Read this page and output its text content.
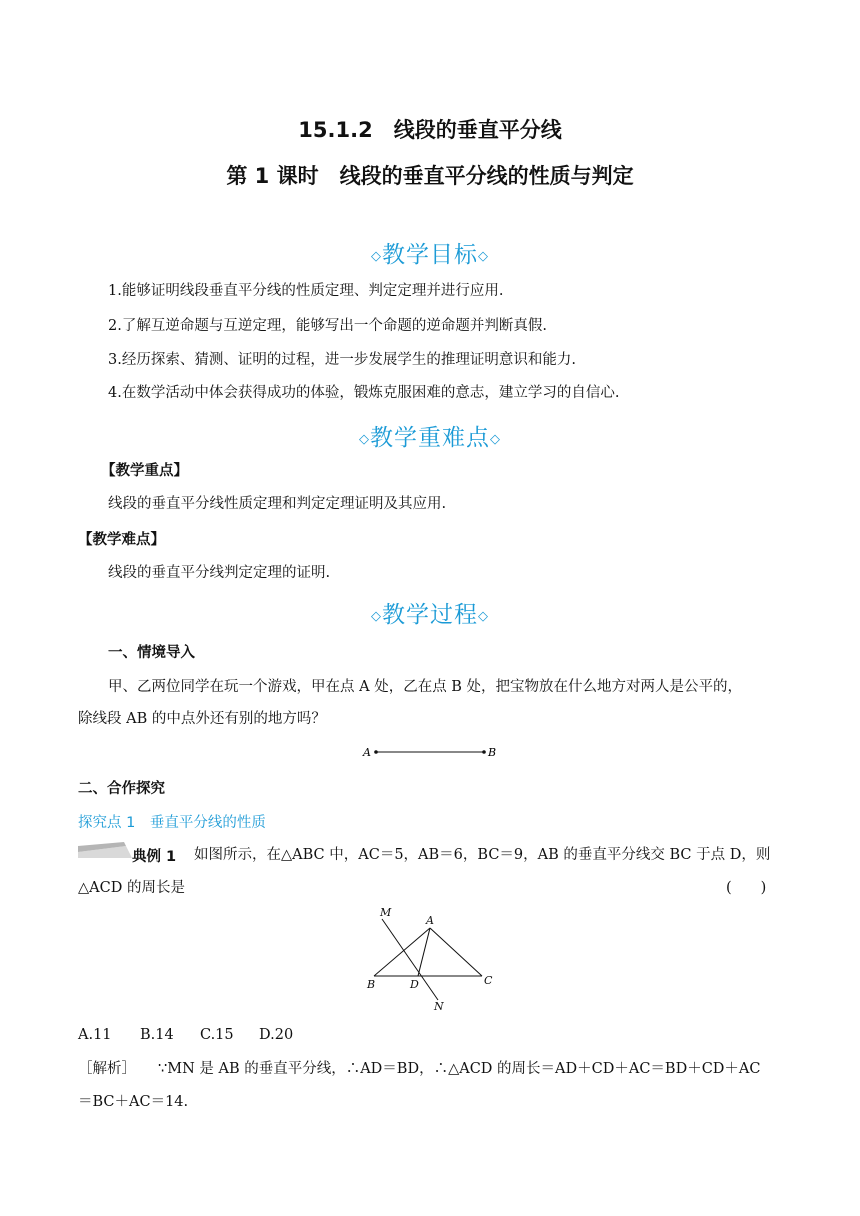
15.1.2　线段的垂直平分线
第 1 课时　线段的垂直平分线的性质与判定
◇教学目标◇
1.能够证明线段垂直平分线的性质定理、判定定理并进行应用.
2.了解互逆命题与互逆定理，能够写出一个命题的逆命题并判断真假.
3.经历探索、猜测、证明的过程，进一步发展学生的推理证明意识和能力.
4.在数学活动中体会获得成功的体验，锻炼克服困难的意志，建立学习的自信心.
◇教学重难点◇
【教学重点】
线段的垂直平分线性质定理和判定定理证明及其应用.
【教学难点】
线段的垂直平分线判定定理的证明.
◇教学过程◇
一、情境导入
甲、乙两位同学在玩一个游戏，甲在点 A 处，乙在点 B 处，把宝物放在什么地方对两人是公平的，
除线段 AB 的中点外还有别的地方吗？
A	B
二、合作探究
探究点 1　垂直平分线的性质
典例 1 如图所示，在△ABC 中，AC＝5，AB＝6，BC＝9，AB 的垂直平分线交 BC 于点 D，则
△ACD 的周长是	(　　)
M
A
B	D	C
N
A.11 B.14 C.15 D.20
［解析］ ∵MN 是 AB 的垂直平分线，∴AD＝BD，∴△ACD 的周长＝AD＋CD＋AC＝BD＋CD＋AC
＝BC＋AC＝14.
